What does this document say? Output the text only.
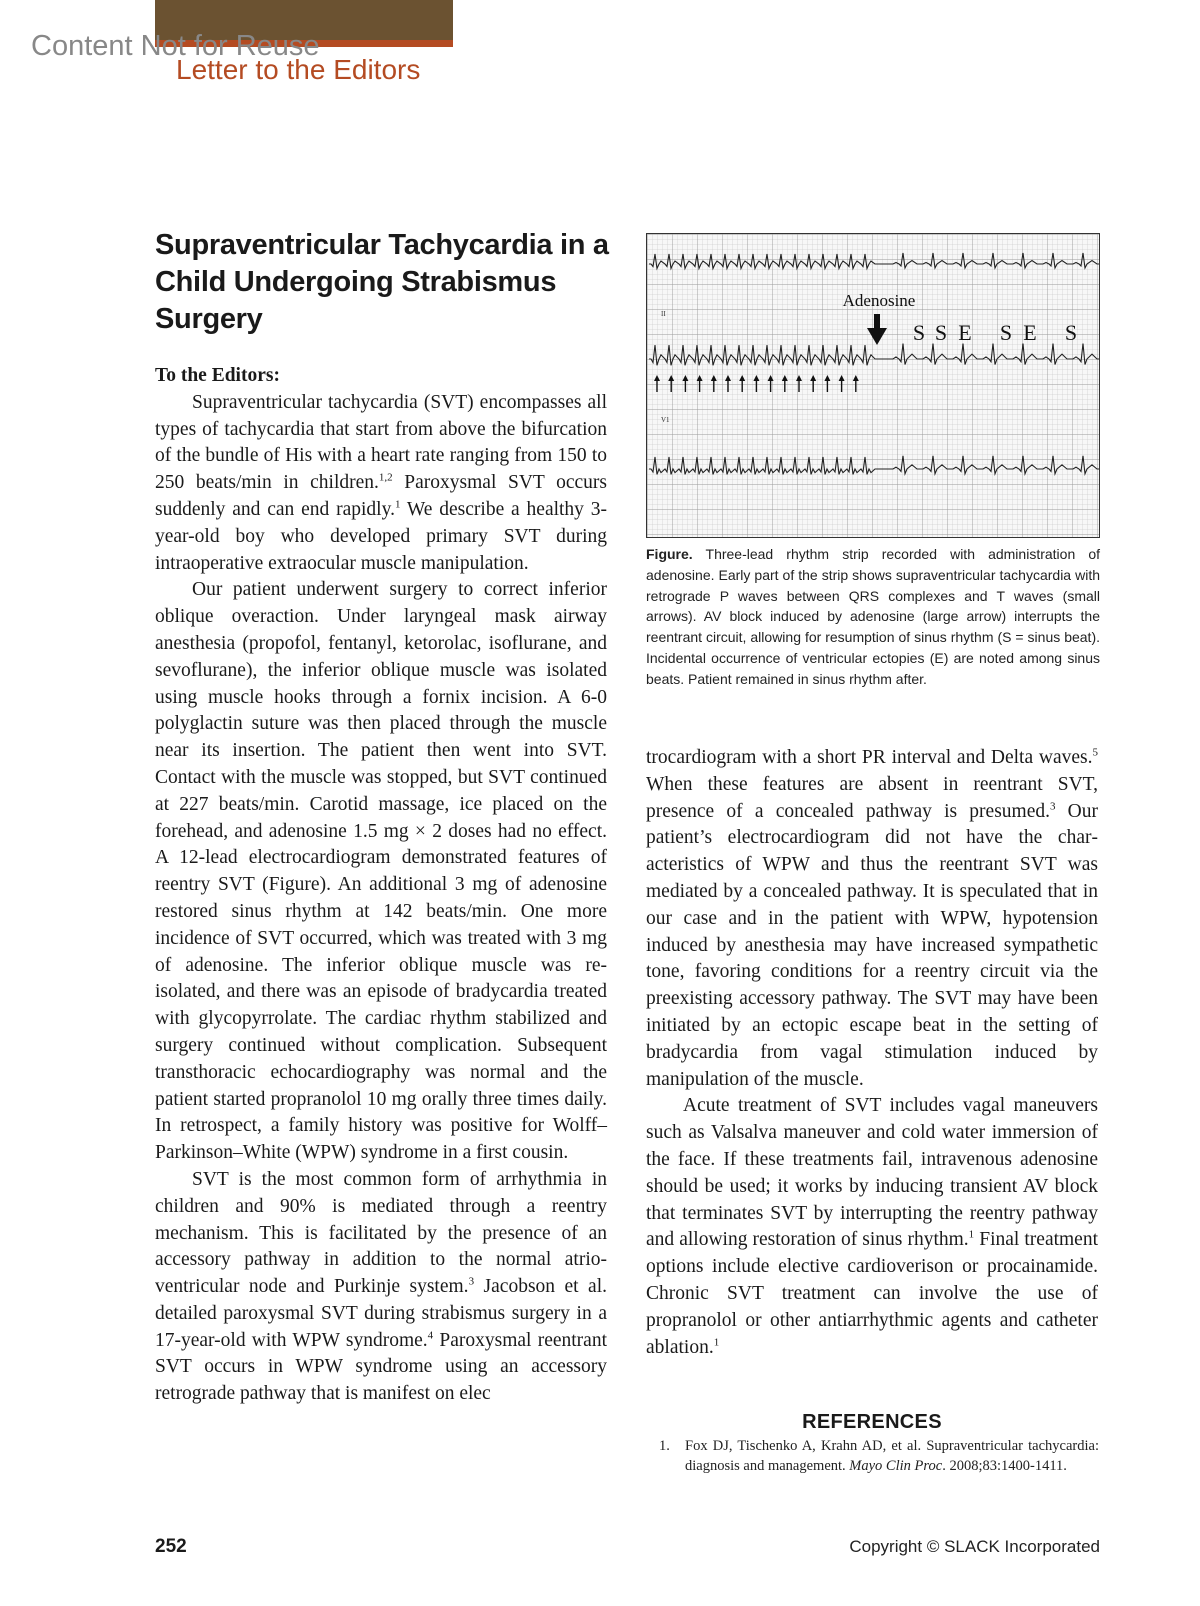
Content Not for Reuse
Letter to the Editors
Supraventricular Tachycardia in a Child Undergoing Strabismus Surgery

To the Editors:

Supraventricular tachycardia (SVT) encompasses all types of tachycardia that start from above the bifurcation of the bundle of His with a heart rate ranging from 150 to 250 beats/min in children.$^{1,2}$ Paroxysmal SVT occurs suddenly and can end rapidly.$^1$ We describe a healthy 3-year-old boy who developed primary SVT during intraoperative extraocular muscle manipulation.

Our patient underwent surgery to correct inferior oblique overaction. Under laryngeal mask airway anesthesia (propofol, fentanyl, ketorolac, isoflurane, and sevoflurane), the inferior oblique muscle was isolated using muscle hooks through a fornix incision. A 6-0 polyglactin suture was then placed through the muscle near its insertion. The patient then went into SVT. Contact with the muscle was stopped, but SVT continued at 227 beats/min. Carotid massage, ice placed on the forehead, and adenosine 1.5 mg × 2 doses had no effect. A 12-lead electrocardiogram demonstrated features of reentry SVT (Figure). An additional 3 mg of adenosine restored sinus rhythm at 142 beats/min. One more incidence of SVT occurred, which was treated with 3 mg of adenosine. The inferior oblique muscle was re-isolated, and there was an episode of bradycardia treated with glycopyrrolate. The cardiac rhythm stabilized and surgery continued without complication. Subsequent transthoracic echocardiography was normal and the patient started propranolol 10 mg orally three times daily. In retrospect, a family history was positive for Wolff–Parkinson–White (WPW) syndrome in a first cousin.

SVT is the most common form of arrhythmia in children and 90% is mediated through a reentry mechanism. This is facilitated by the presence of an accessory pathway in addition to the normal atrioventricular node and Purkinje system.$^3$ Jacobson et al. detailed paroxysmal SVT during strabismus surgery in a 17-year-old with WPW syndrome.$^4$ Paroxysmal reentrant SVT occurs in WPW syndrome using an accessory retrograde pathway that is manifest on elec

II
V1
Adenosine
S S E S E S

Figure. Three-lead rhythm strip recorded with administration of adenosine. Early part of the strip shows supraventricular tachycardia with retrograde P waves between QRS complexes and T waves (small arrows). AV block induced by adenosine (large arrow) interrupts the reentrant circuit, allowing for resumption of sinus rhythm (S = sinus beat). Incidental occurrence of ventricular ectopies (E) are noted among sinus beats. Patient remained in sinus rhythm after.

trocardiogram with a short PR interval and Delta waves.$^5$ When these features are absent in reentrant SVT, presence of a concealed pathway is presumed.$^3$ Our patient’s electrocardiogram did not have the characteristics of WPW and thus the reentrant SVT was mediated by a concealed pathway. It is speculated that in our case and in the patient with WPW, hypotension induced by anesthesia may have increased sympathetic tone, favoring conditions for a reentry circuit via the preexisting accessory pathway. The SVT may have been initiated by an ectopic escape beat in the setting of bradycardia from vagal stimulation induced by manipulation of the muscle.

Acute treatment of SVT includes vagal maneuvers such as Valsalva maneuver and cold water immersion of the face. If these treatments fail, intravenous adenosine should be used; it works by inducing transient AV block that terminates SVT by interrupting the reentry pathway and allowing restoration of sinus rhythm.$^1$ Final treatment options include elective cardioverison or procainamide. Chronic SVT treatment can involve the use of propranolol or other antiarrhythmic agents and catheter ablation.$^1$

REFERENCES
1. Fox DJ, Tischenko A, Krahn AD, et al. Supraventricular tachycardia: diagnosis and management. Mayo Clin Proc. 2008;83:1400-1411.
252	Copyright © SLACK Incorporated
